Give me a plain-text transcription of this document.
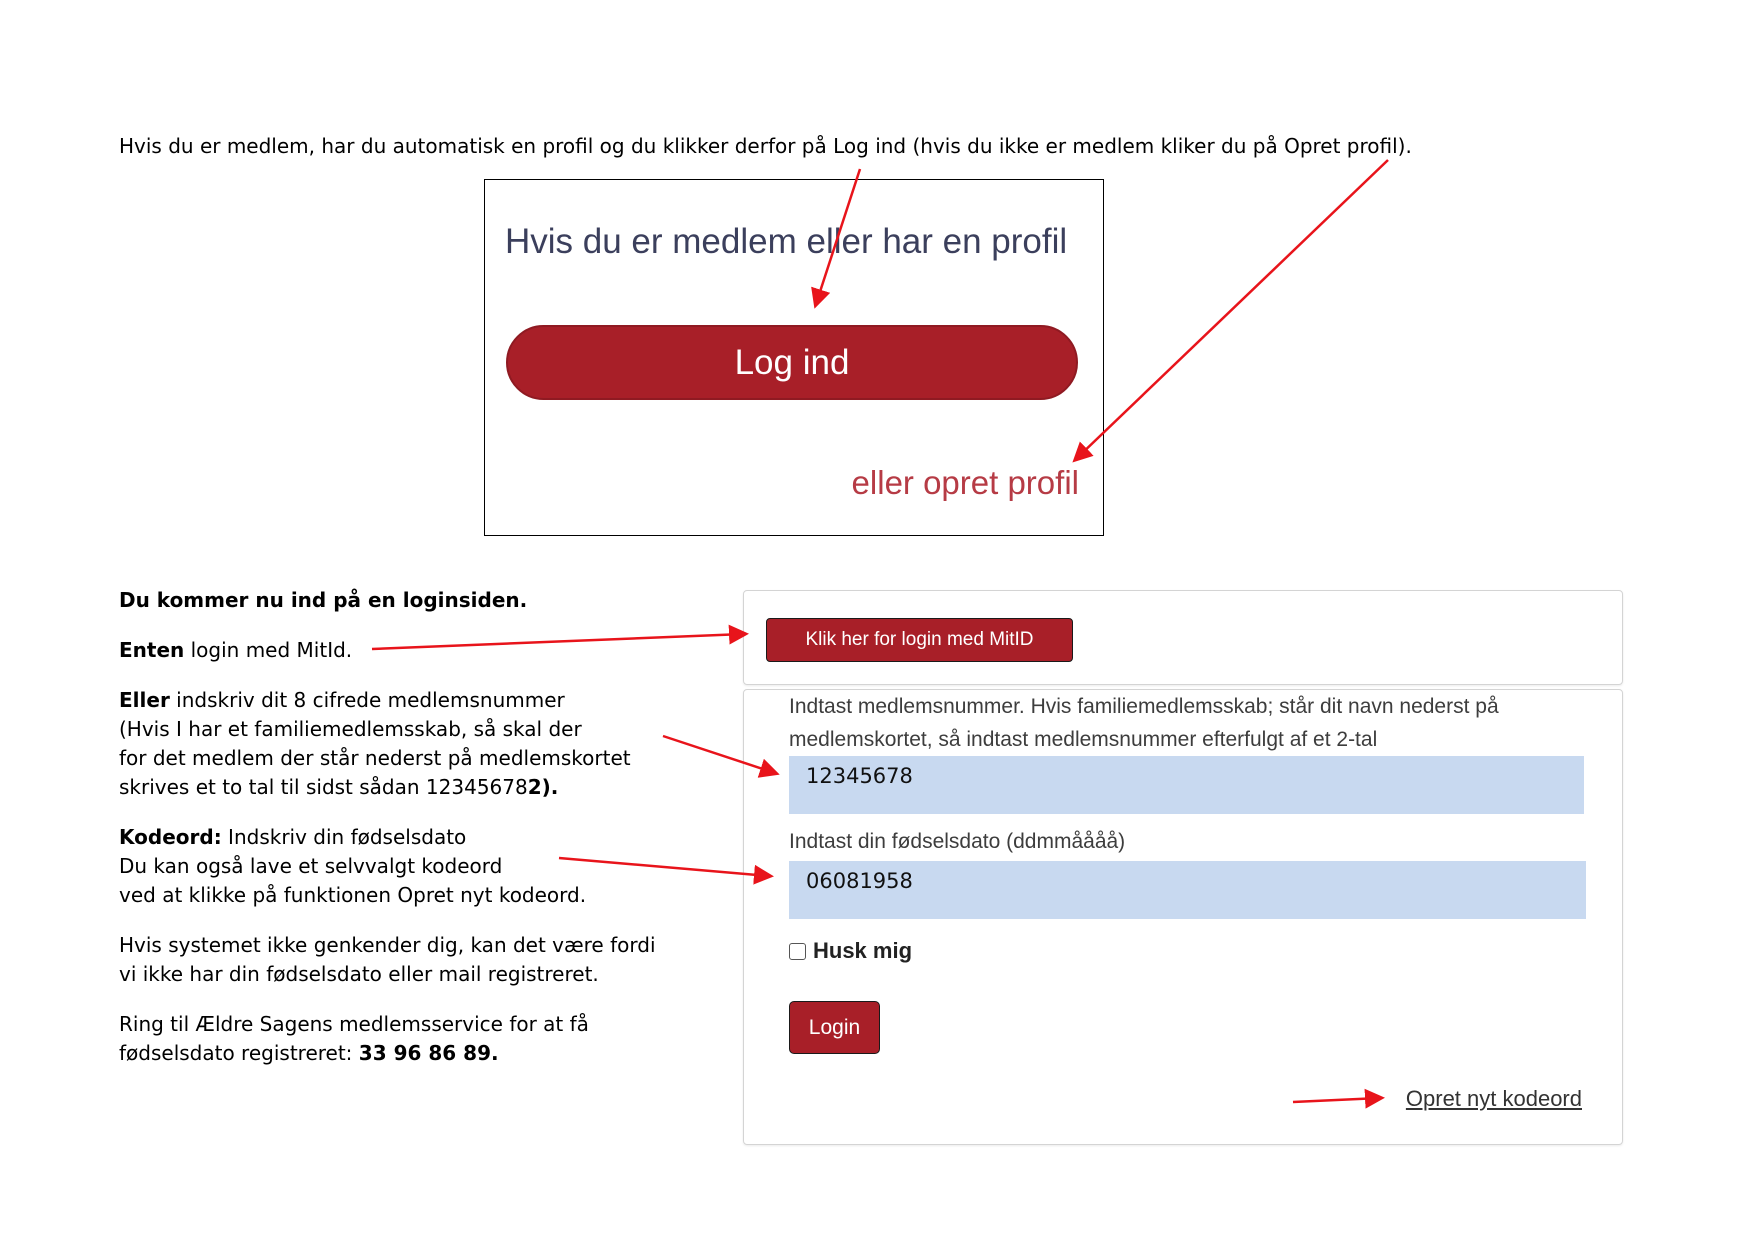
Hvis du er medlem, har du automatisk en profil og du klikker derfor på Log ind (hvis du ikke er medlem kliker du på Opret profil).
Hvis du er medlem eller har en profil
Log ind
eller opret profil

Du kommer nu ind på en loginsiden.

Enten login med MitId.

Eller indskriv dit 8 cifrede medlemsnummer
(Hvis I har et familiemedlemsskab, så skal der
for det medlem der står nederst på medlemskortet
skrives et to tal til sidst sådan 123456782).

Kodeord: Indskriv din fødselsdato
Du kan også lave et selvvalgt kodeord
ved at klikke på funktionen Opret nyt kodeord.

Hvis systemet ikke genkender dig, kan det være fordi
vi ikke har din fødselsdato eller mail registreret.

Ring til Ældre Sagens medlemsservice for at få
fødselsdato registreret: 33 96 86 89.

Klik her for login med MitID
Indtast medlemsnummer. Hvis familiemedlemsskab; står dit navn nederst på
medlemskortet, så indtast medlemsnummer efterfulgt af et 2-tal
12345678
Indtast din fødselsdato (ddmmåååå)
06081958
Husk mig
Login
Opret nyt kodeord
